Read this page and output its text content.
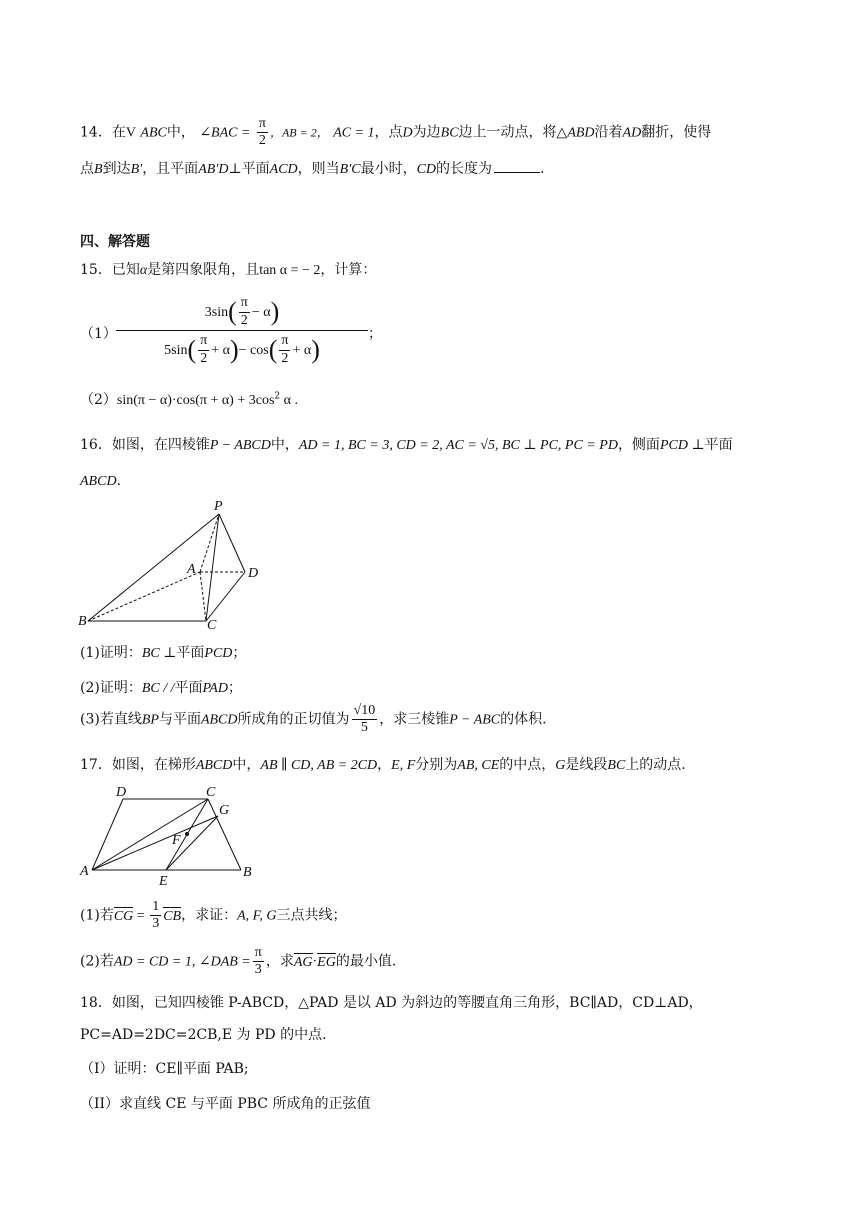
14．在V ABC中， ∠BAC = $\frac{\pi}{2}$ ，AB = 2， AC = 1，点D为边BC边上一动点，将△ABD沿着AD翻折，使得
点B到达B′，且平面AB′D⊥平面ACD，则当B′C最小时，CD的长度为	.
四、解答题
15．已知α是第四象限角，且tan α = − 2，计算：
$(1) \frac{3\sin( \frac{\pi}{2} - \alpha)}{5\sin( \frac{\pi}{2} + \alpha)- \cos( \frac{\pi}{2} + \alpha)}$ ；
$(2)\sin(\pi - \alpha)\cdot\cos(\pi + \alpha) + 3\cos^2$ α .
16．如图，在四棱锥P − ABCD中，AD = 1, BC = 3, CD = 2, AC = √5, BC ⊥ PC, PC = PD，侧面PCD ⊥平面
ABCD.
P
A	D
B	C
(1)证明：BC ⊥平面PCD；
(2)证明：BC / /平面PAD；
(3)若直线BP与平面ABCD所成角的正切值为 $\frac{√10}{5}$ ，求三棱锥P − ABC的体积.
17．如图，在梯形ABCD中，AB ∥ CD, AB = 2CD，E, F分别为AB, CE的中点，G是线段BC上的动点.
D	C
G
F
A
E
B
(1)若CG = $\frac{1}{3}$ CB，求证：A, F, G三点共线；
(2)若AD = CD = 1, ∠DAB = $\frac{\pi}{3}$ ，求AG·EG的最小值.
18．如图，已知四棱锥 P-ABCD，△PAD 是以 AD 为斜边的等腰直角三角形，BC∥AD，CD⊥AD，
PC=AD=2DC=2CB,E 为 PD 的中点.
（I）证明：CE∥平面 PAB;
（II）求直线 CE 与平面 PBC 所成角的正弦值
